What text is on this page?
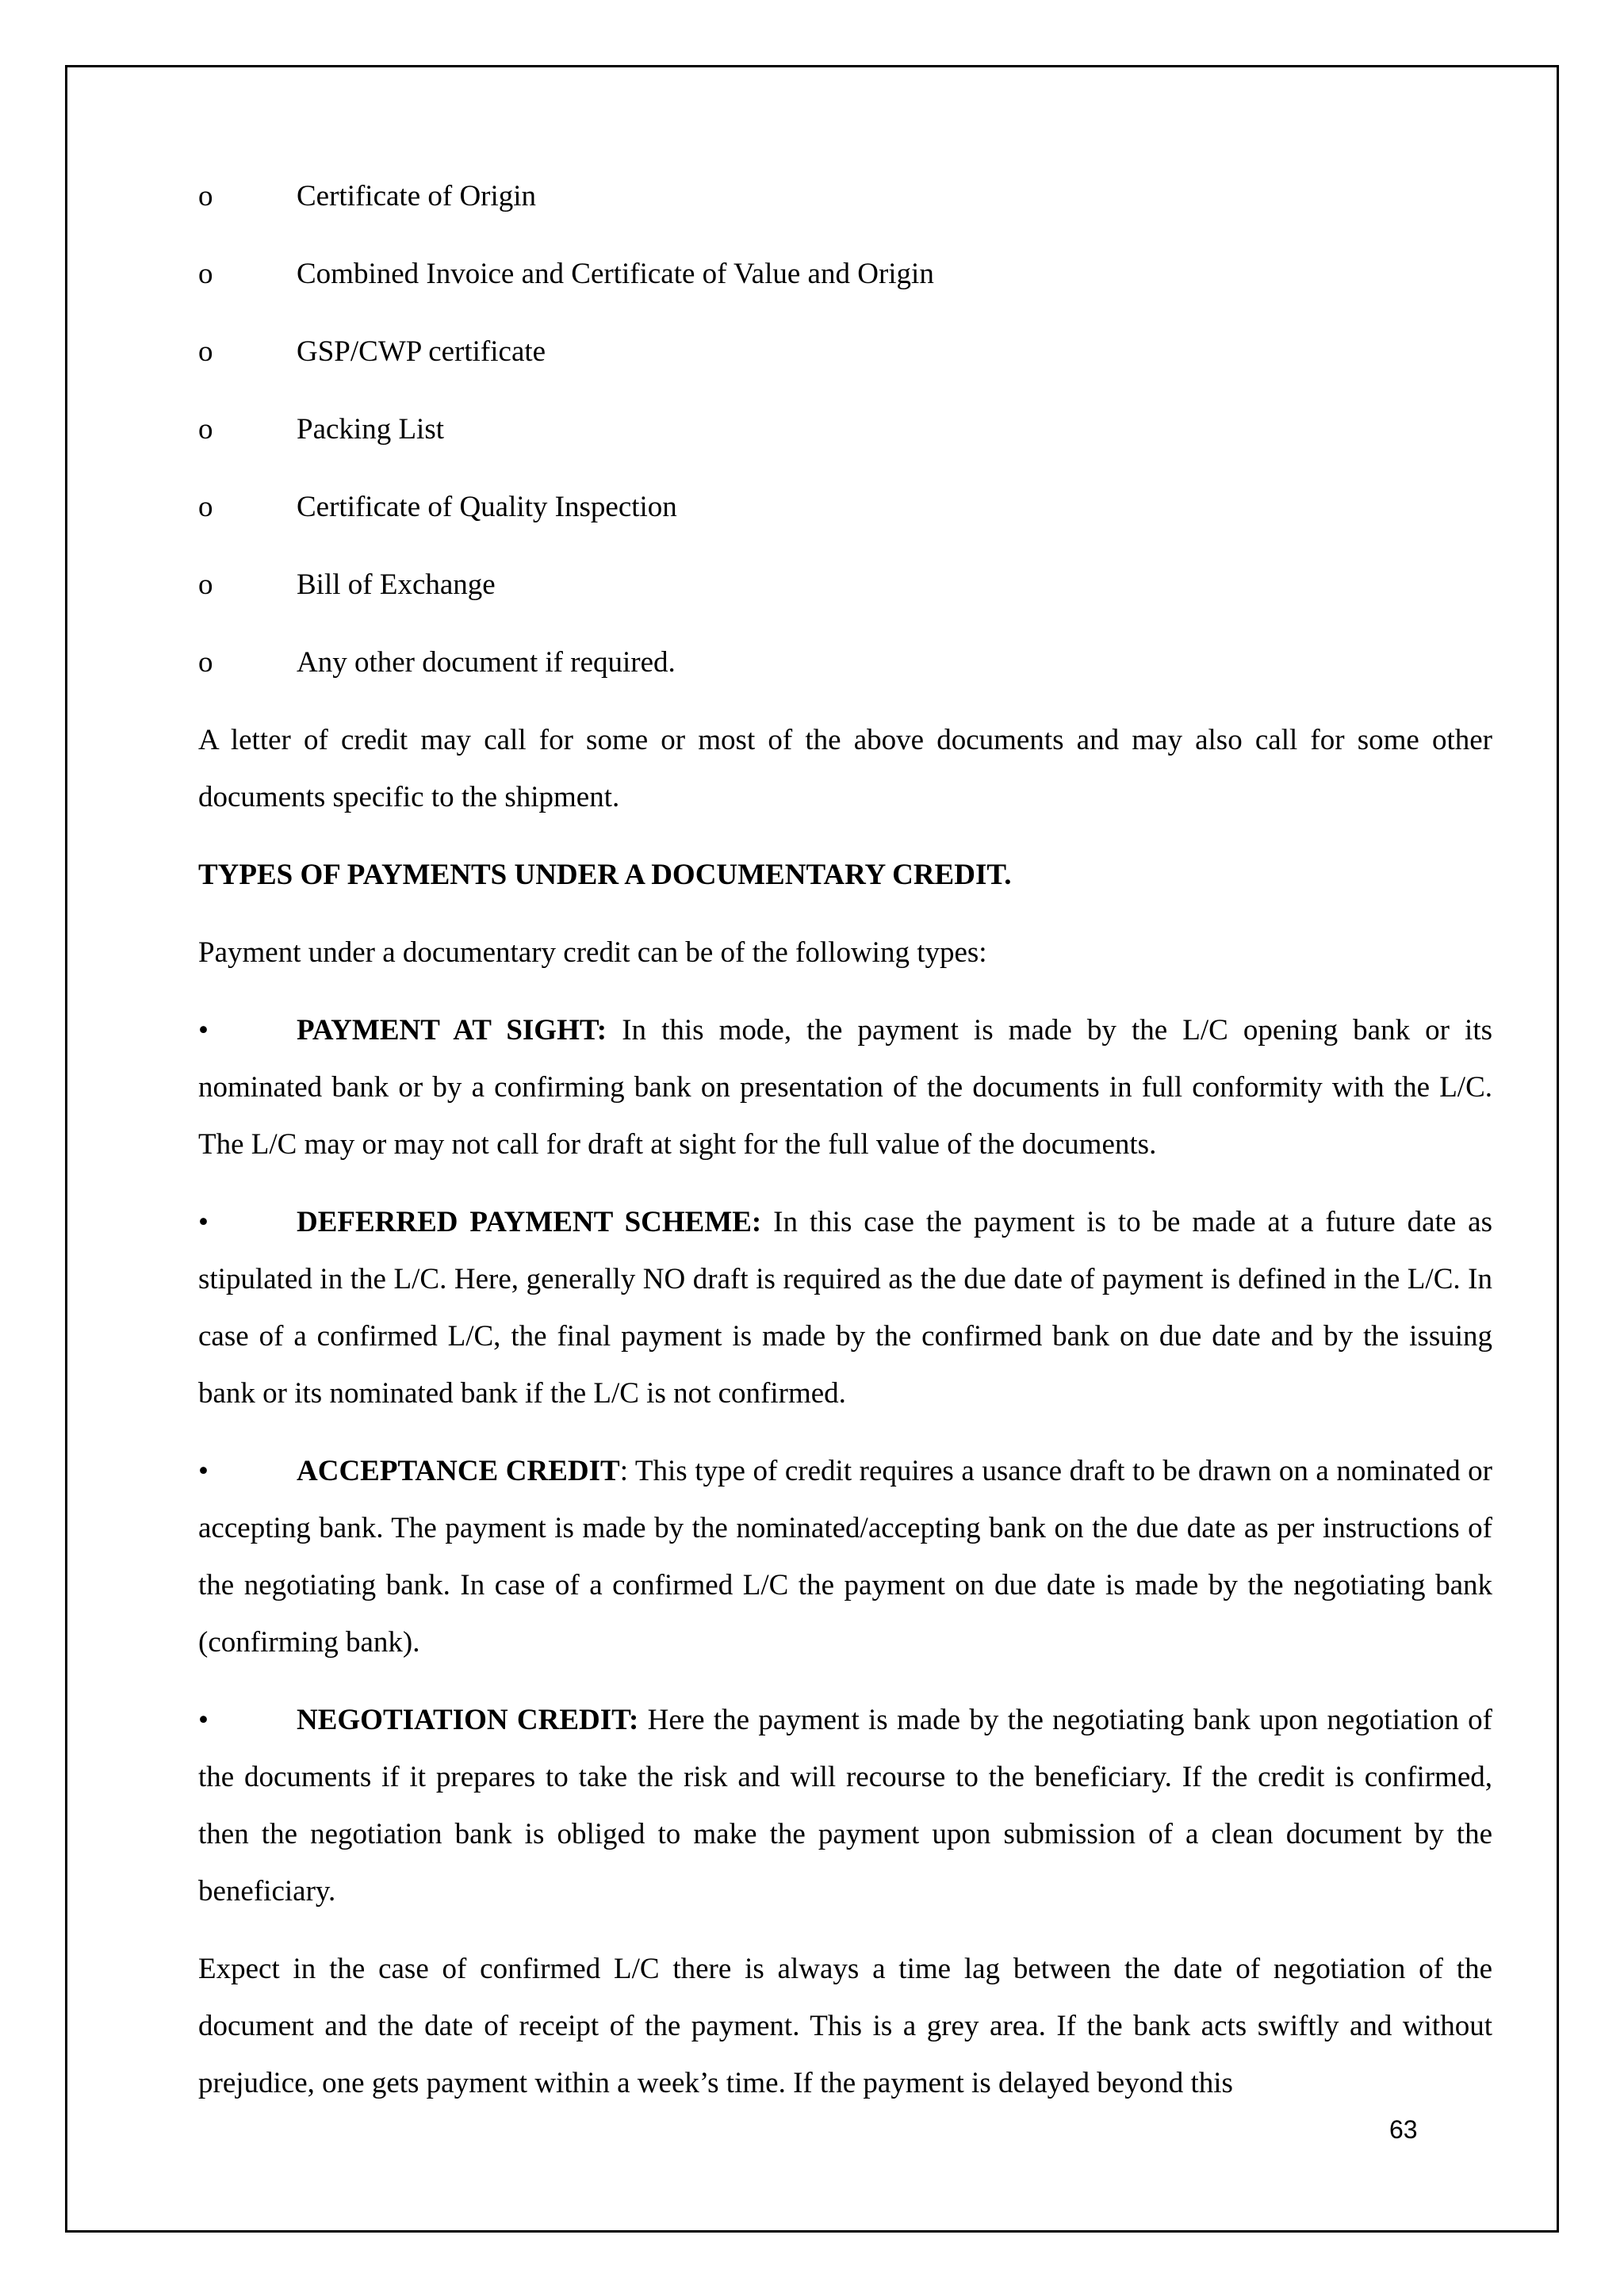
o	Certificate of Origin
o	Combined Invoice and Certificate of Value and Origin
o	GSP/CWP certificate
o	Packing List
o	Certificate of Quality Inspection
o	Bill of Exchange
o	Any other document if required.

A letter of credit may call for some or most of the above documents and may also call for some other documents specific to the shipment.

TYPES OF PAYMENTS UNDER A DOCUMENTARY CREDIT.

Payment under a documentary credit can be of the following types:

•	PAYMENT AT SIGHT: In this mode, the payment is made by the L/C opening bank or its nominated bank or by a confirming bank on presentation of the documents in full conformity with the L/C. The L/C may or may not call for draft at sight for the full value of the documents.

•	DEFERRED PAYMENT SCHEME: In this case the payment is to be made at a future date as stipulated in the L/C. Here, generally NO draft is required as the due date of payment is defined in the L/C. In case of a confirmed L/C, the final payment is made by the confirmed bank on due date and by the issuing bank or its nominated bank if the L/C is not confirmed.

•	ACCEPTANCE CREDIT: This type of credit requires a usance draft to be drawn on a nominated or accepting bank. The payment is made by the nominated/accepting bank on the due date as per instructions of the negotiating bank. In case of a confirmed L/C the payment on due date is made by the negotiating bank (confirming bank).

•	NEGOTIATION CREDIT: Here the payment is made by the negotiating bank upon negotiation of the documents if it prepares to take the risk and will recourse to the beneficiary. If the credit is confirmed, then the negotiation bank is obliged to make the payment upon submission of a clean document by the beneficiary.

Expect in the case of confirmed L/C there is always a time lag between the date of negotiation of the document and the date of receipt of the payment. This is a grey area. If the bank acts swiftly and without prejudice, one gets payment within a week’s time. If the payment is delayed beyond this

63
